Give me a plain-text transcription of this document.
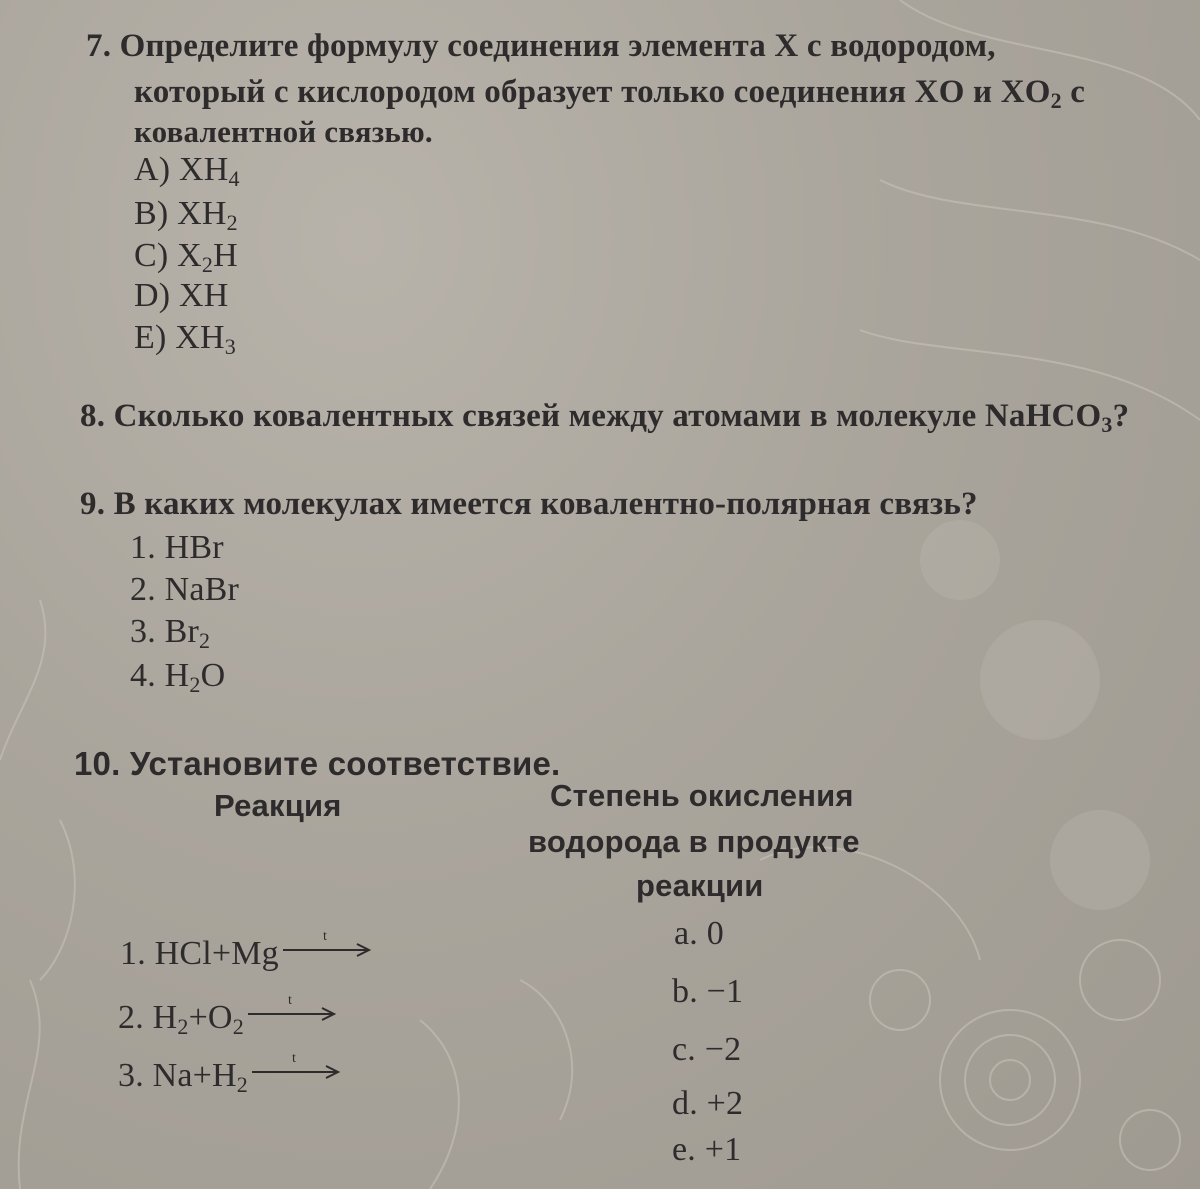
7. Определите формулу соединения элемента X с водородом,
который с кислородом образует только соединения XO и $XO_2$ с
ковалентной связью.
A) $XH_4$
B) $XH_2$
C) $X_2H$
D) XH
E) $XH_3$
8. Сколько ковалентных связей между атомами в молекуле NaHCO$_3$?
9. В каких молекулах имеется ковалентно-полярная связь?
1. HBr
2. NaBr
3. $Br_2$
4. $H_2O$
10. Установите соответствие.
Реакция	Степень окисления
водорода в продукте
реакции
1. HCl+Mg	t
2. $H_2+O_2$
t
3. $Na+H_2$
t
a. 0
b. −1
c. −2
d. +2
e. +1
